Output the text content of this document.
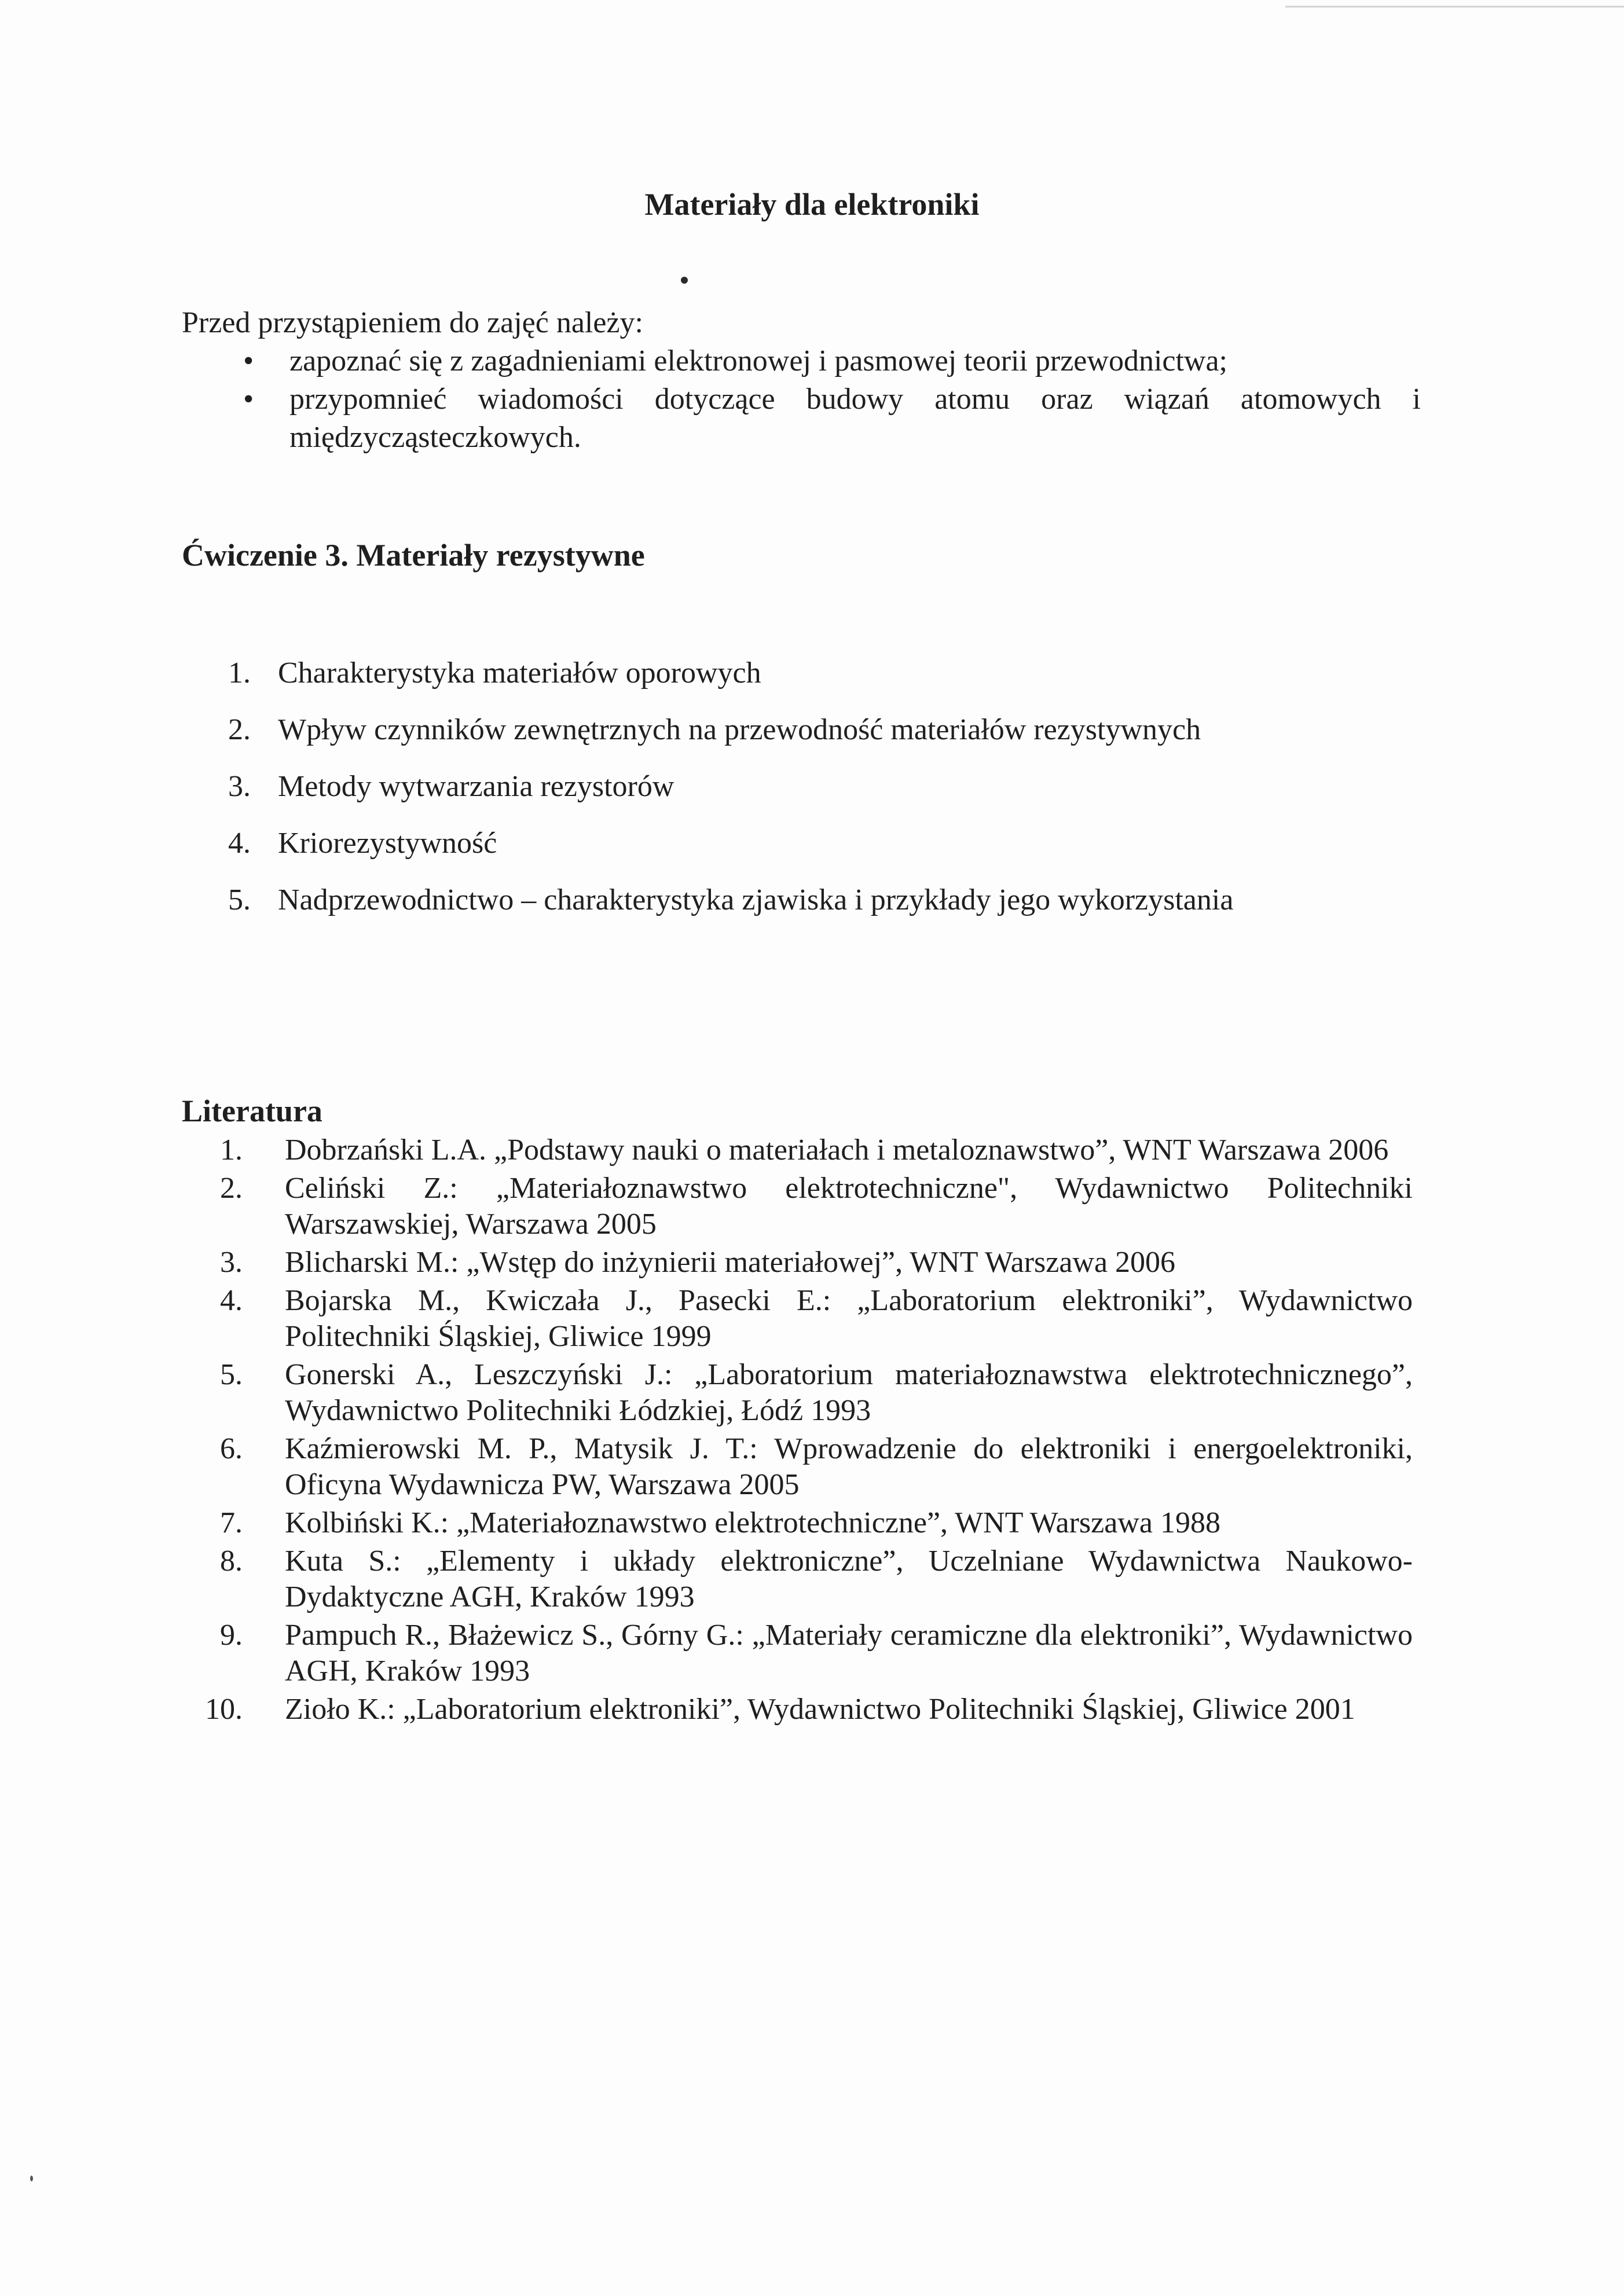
Materiały dla elektroniki

Przed przystąpieniem do zajęć należy:

• zapoznać się z zagadnieniami elektronowej i pasmowej teorii przewodnictwa;
• przypomnieć wiadomości dotyczące budowy atomu oraz wiązań atomowych i międzycząsteczkowych.
Ćwiczenie 3. Materiały rezystywne
1. Charakterystyka materiałów oporowych
2. Wpływ czynników zewnętrznych na przewodność materiałów rezystywnych
3. Metody wytwarzania rezystorów
4. Kriorezystywność
5. Nadprzewodnictwo – charakterystyka zjawiska i przykłady jego wykorzystania
Literatura
1.	Dobrzański L.A. „Podstawy nauki o materiałach i metaloznawstwo”, WNT Warszawa 2006
2.	Celiński Z.: „Materiałoznawstwo elektrotechniczne", Wydawnictwo Politechniki Warszawskiej, Warszawa 2005
3.	Blicharski M.: „Wstęp do inżynierii materiałowej”, WNT Warszawa 2006
4.	Bojarska M., Kwiczała J., Pasecki E.: „Laboratorium elektroniki”, Wydawnictwo Politechniki Śląskiej, Gliwice 1999
5.	Gonerski A., Leszczyński J.: „Laboratorium materiałoznawstwa elektrotechnicznego”, Wydawnictwo Politechniki Łódzkiej, Łódź 1993
6.	Kaźmierowski M. P., Matysik J. T.: Wprowadzenie do elektroniki i energoelektroniki, Oficyna Wydawnicza PW, Warszawa 2005
7.	Kolbiński K.: „Materiałoznawstwo elektrotechniczne”, WNT Warszawa 1988
8.	Kuta S.: „Elementy i układy elektroniczne”, Uczelniane Wydawnictwa Naukowo-Dydaktyczne AGH, Kraków 1993
9.	Pampuch R., Błażewicz S., Górny G.: „Materiały ceramiczne dla elektroniki”, Wydawnictwo AGH, Kraków 1993
10.	Zioło K.: „Laboratorium elektroniki”, Wydawnictwo Politechniki Śląskiej, Gliwice 2001
